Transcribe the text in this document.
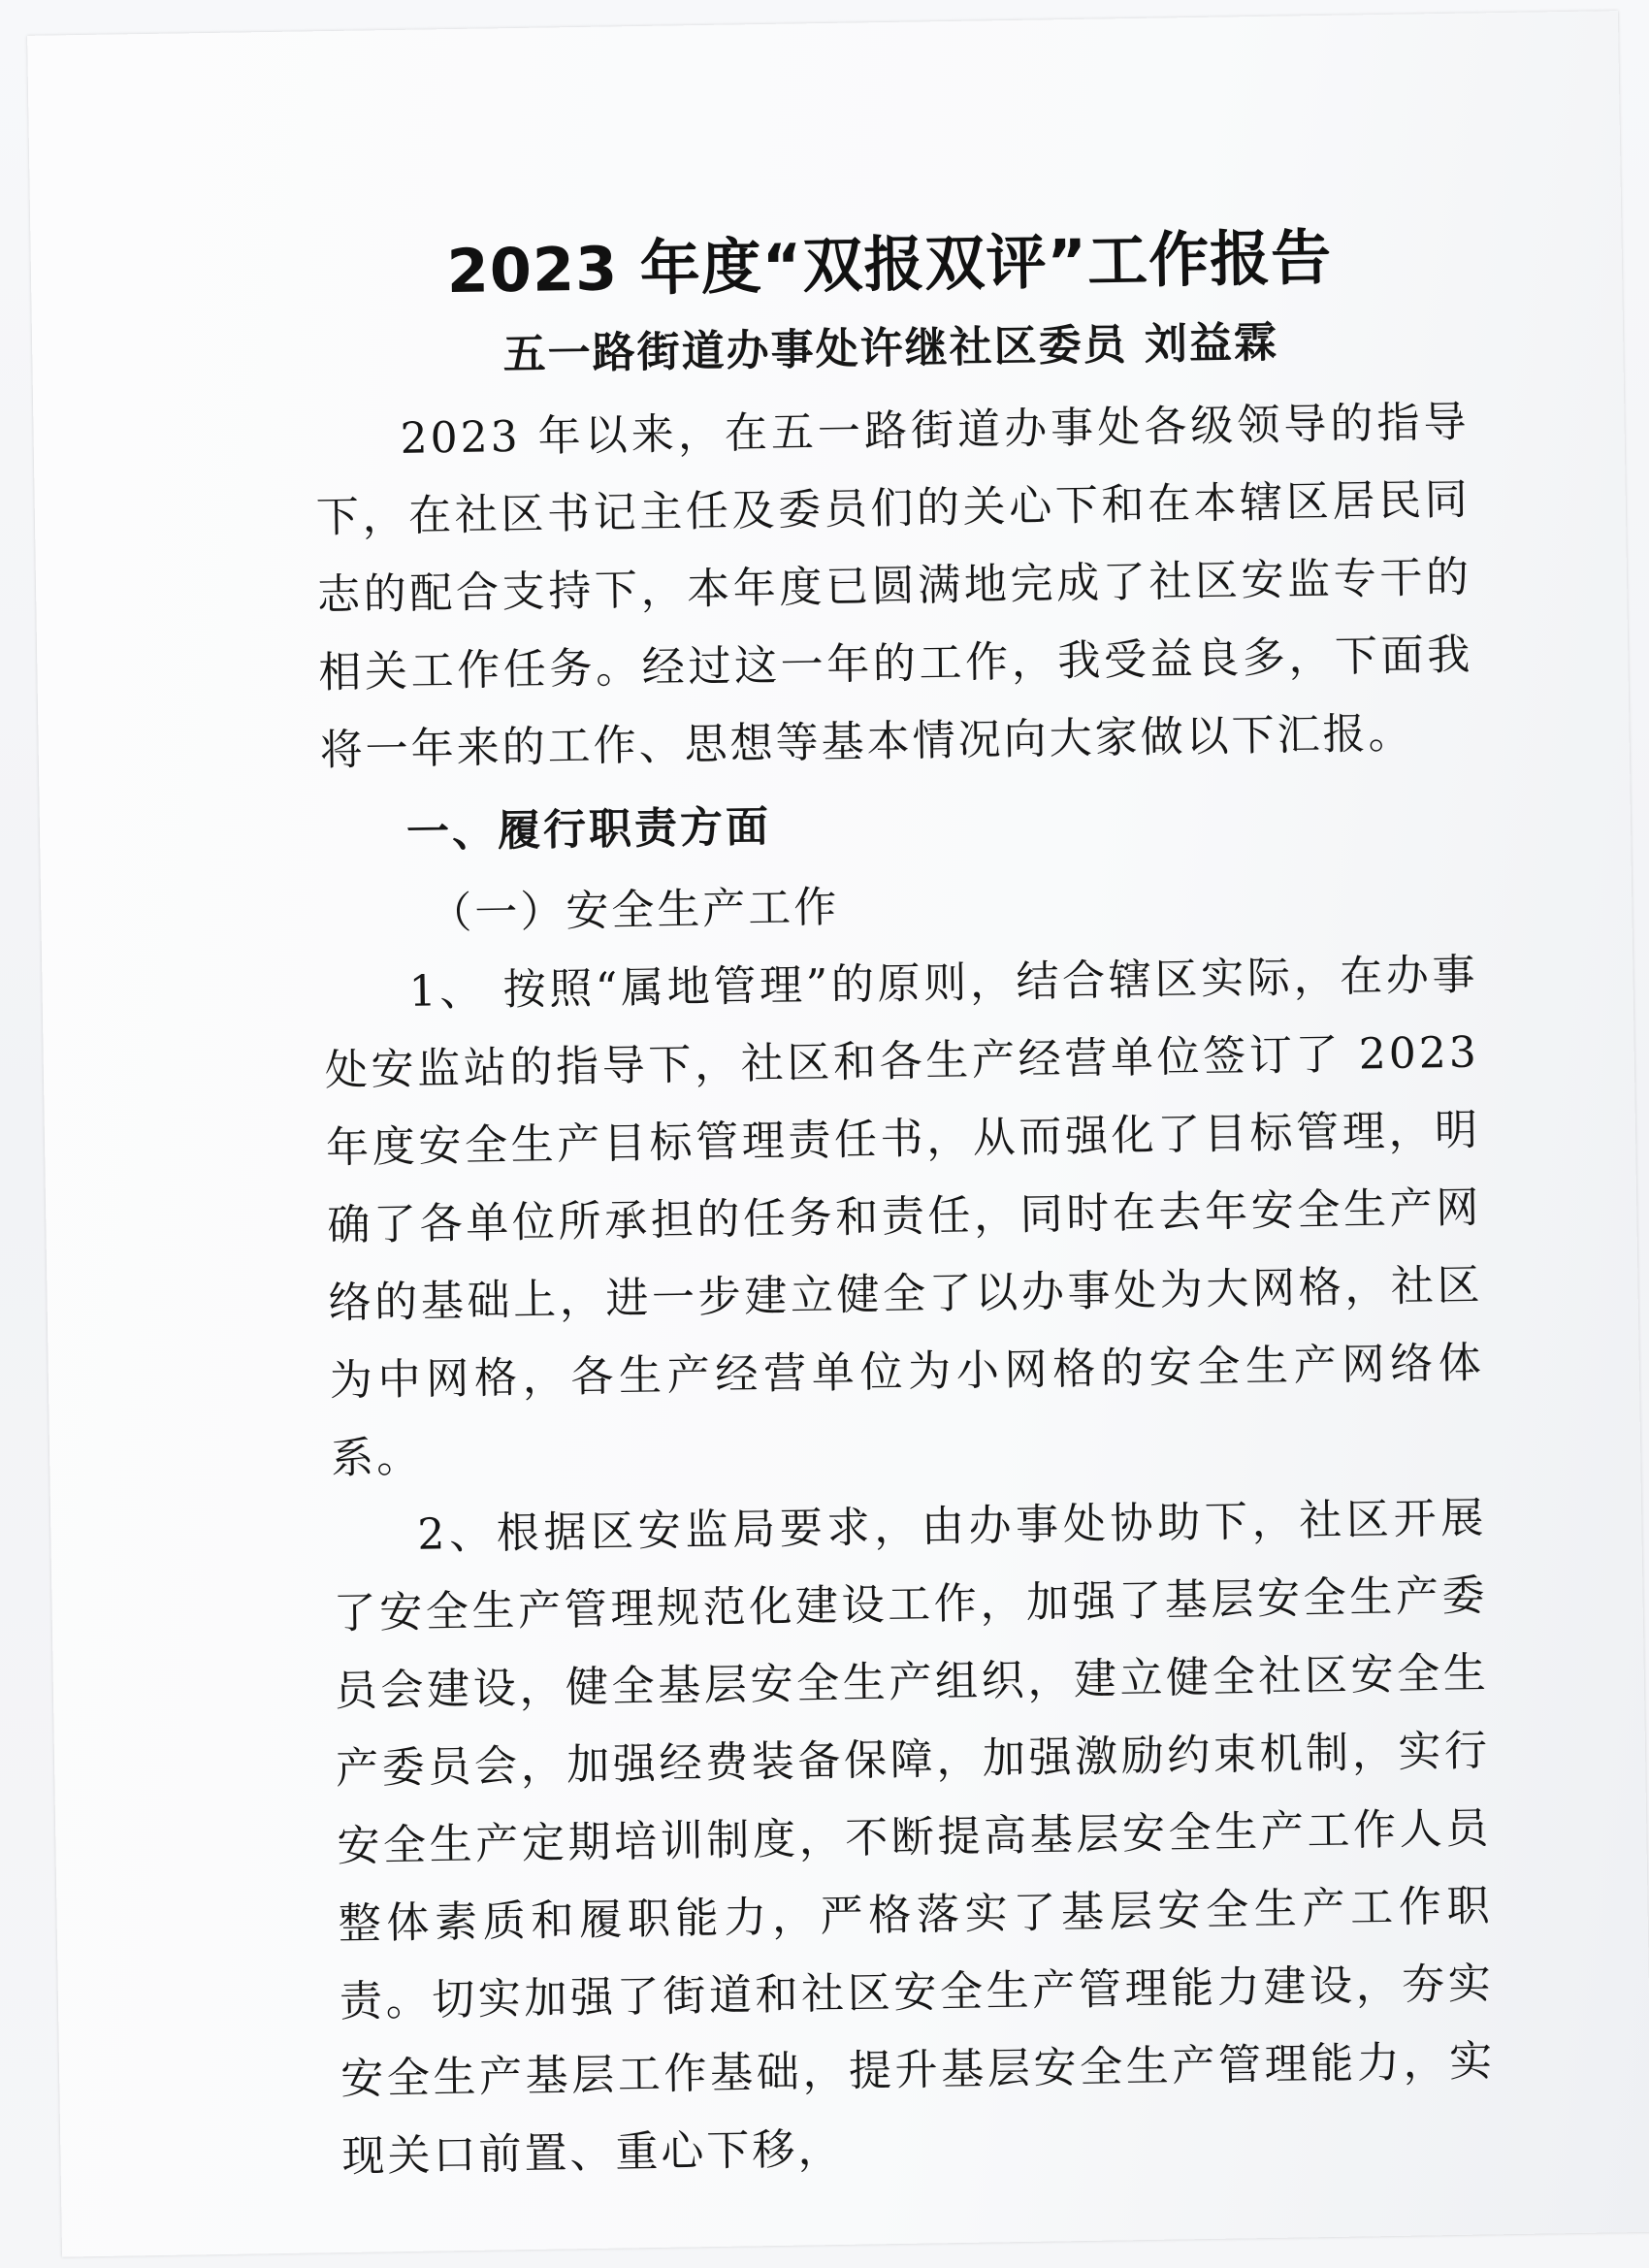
2023 年度“双报双评”工作报告
五一路街道办事处许继社区委员 刘益霖

2023 年以来，在五一路街道办事处各级领导的指导下，在社区书记主任及委员们的关心下和在本辖区居民同志的配合支持下，本年度已圆满地完成了社区安监专干的相关工作任务。经过这一年的工作，我受益良多，下面我将一年来的工作、思想等基本情况向大家做以下汇报。

一、履行职责方面
（一）安全生产工作

1、 按照“属地管理”的原则，结合辖区实际，在办事处安监站的指导下，社区和各生产经营单位签订了 2023 年度安全生产目标管理责任书，从而强化了目标管理，明确了各单位所承担的任务和责任，同时在去年安全生产网络的基础上，进一步建立健全了以办事处为大网格，社区为中网格，各生产经营单位为小网格的安全生产网络体系。

2、根据区安监局要求，由办事处协助下，社区开展了安全生产管理规范化建设工作，加强了基层安全生产委员会建设，健全基层安全生产组织，建立健全社区安全生产委员会，加强经费装备保障，加强激励约束机制，实行安全生产定期培训制度，不断提高基层安全生产工作人员整体素质和履职能力，严格落实了基层安全生产工作职责。切实加强了街道和社区安全生产管理能力建设，夯实安全生产基层工作基础，提升基层安全生产管理能力，实现关口前置、重心下移，
